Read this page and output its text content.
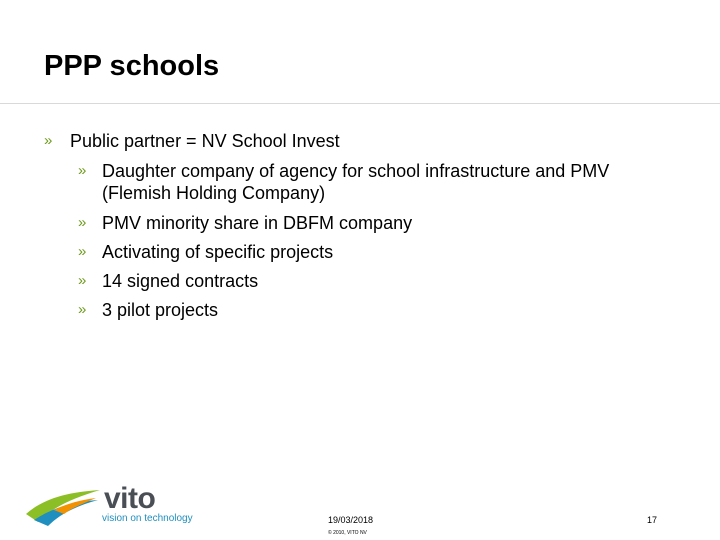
PPP schools
» Public partner = NV School Invest
» Daughter company of agency for school infrastructure and PMV
(Flemish Holding Company)
» PMV minority share in DBFM company
» Activating of specific projects
» 14 signed contracts
» 3 pilot projects
vito
vision on technology	19/03/2018
© 2010, VITO NV
17
